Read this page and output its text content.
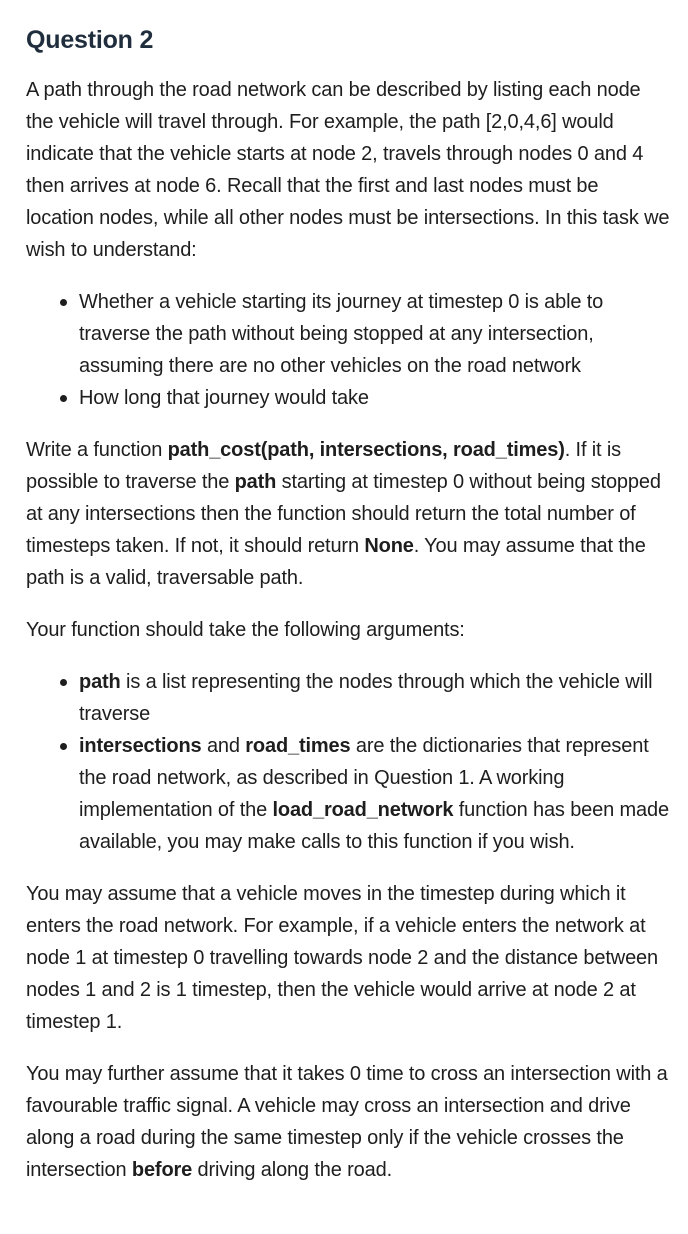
Question 2

A path through the road network can be described by listing each node the vehicle will travel through. For example, the path [2,0,4,6] would indicate that the vehicle starts at node 2, travels through nodes 0 and 4 then arrives at node 6. Recall that the first and last nodes must be location nodes, while all other nodes must be intersections. In this task we wish to understand:

Whether a vehicle starting its journey at timestep 0 is able to traverse the path without being stopped at any intersection, assuming there are no other vehicles on the road network
How long that journey would take

Write a function path_cost(path, intersections, road_times). If it is possible to traverse the path starting at timestep 0 without being stopped at any intersections then the function should return the total number of timesteps taken. If not, it should return None. You may assume that the path is a valid, traversable path.

Your function should take the following arguments:

path is a list representing the nodes through which the vehicle will traverse
intersections and road_times are the dictionaries that represent the road network, as described in Question 1. A working implementation of the load_road_network function has been made available, you may make calls to this function if you wish.

You may assume that a vehicle moves in the timestep during which it enters the road network. For example, if a vehicle enters the network at node 1 at timestep 0 travelling towards node 2 and the distance between nodes 1 and 2 is 1 timestep, then the vehicle would arrive at node 2 at timestep 1.

You may further assume that it takes 0 time to cross an intersection with a favourable traffic signal. A vehicle may cross an intersection and drive along a road during the same timestep only if the vehicle crosses the intersection before driving along the road.
